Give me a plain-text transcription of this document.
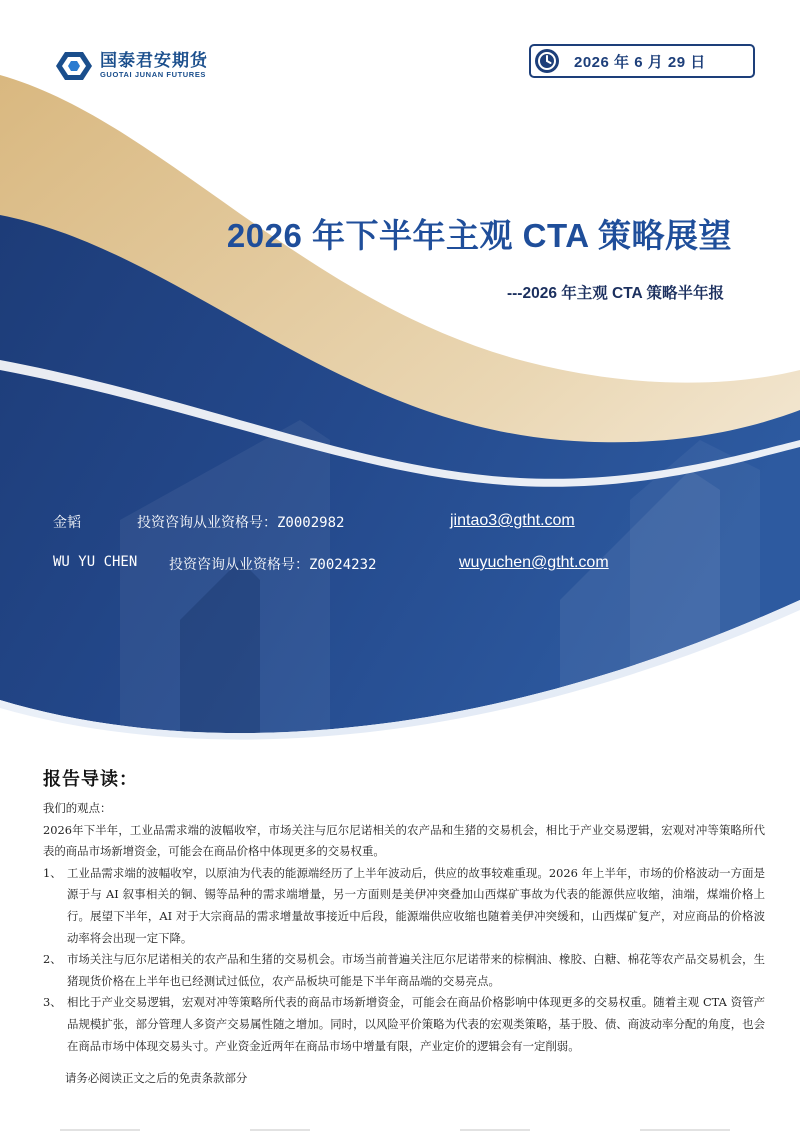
国泰君安期货
GUOTAI JUNAN FUTURES
2026 年 6 月 29 日
2026 年下半年主观 CTA 策略展望
---2026 年主观 CTA 策略半年报
金韬	投资咨询从业资格号：Z0002982	jintao3@gtht.com
WU YU CHEN	投资咨询从业资格号：Z0024232	wuyuchen@gtht.com
报告导读：

我们的观点：

2026年下半年，工业品需求端的波幅收窄，市场关注与厄尔尼诺相关的农产品和生猪的交易机会，相比于产业交易逻辑，宏观对冲等策略所代表的商品市场新增资金，可能会在商品价格中体现更多的交易权重。

1、 工业品需求端的波幅收窄，以原油为代表的能源端经历了上半年波动后，供应的故事较难重现。2026 年上半年，市场的价格波动一方面是源于与 AI 叙事相关的铜、锡等品种的需求端增量，另一方面则是美伊冲突叠加山西煤矿事故为代表的能源供应收缩，油端，煤端价格上行。展望下半年，AI 对于大宗商品的需求增量故事接近中后段，能源端供应收缩也随着美伊冲突缓和，山西煤矿复产，对应商品的价格波动率将会出现一定下降。
2、 市场关注与厄尔尼诺相关的农产品和生猪的交易机会。市场当前普遍关注厄尔尼诺带来的棕榈油、橡胶、白糖、棉花等农产品交易机会，生猪现货价格在上半年也已经测试过低位，农产品板块可能是下半年商品端的交易亮点。
3、 相比于产业交易逻辑，宏观对冲等策略所代表的商品市场新增资金，可能会在商品价格影响中体现更多的交易权重。随着主观 CTA 资管产品规模扩张，部分管理人多资产交易属性随之增加。同时，以风险平价策略为代表的宏观类策略，基于股、债、商波动率分配的角度，也会在商品市场中体现交易头寸。产业资金近两年在商品市场中增量有限，产业定价的逻辑会有一定削弱。

请务必阅读正文之后的免责条款部分
